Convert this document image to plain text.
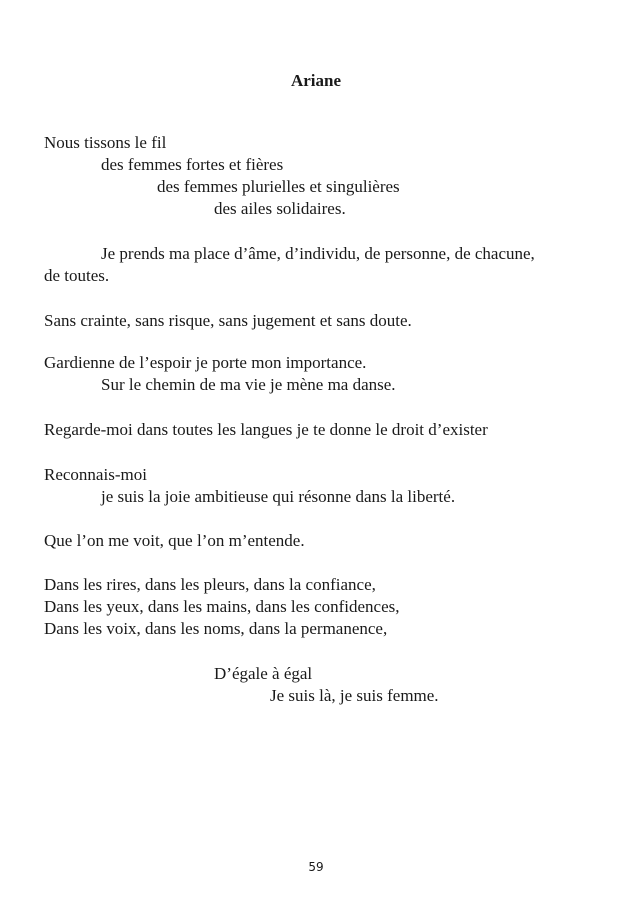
Ariane
Nous tissons le fil
des femmes fortes et fières
des femmes plurielles et singulières
des ailes solidaires.
Je prends ma place d’âme, d’individu, de personne, de chacune,
de toutes.
Sans crainte, sans risque, sans jugement et sans doute.
Gardienne de l’espoir je porte mon importance.
Sur le chemin de ma vie je mène ma danse.
Regarde-moi dans toutes les langues je te donne le droit d’exister
Reconnais-moi
je suis la joie ambitieuse qui résonne dans la liberté.
Que l’on me voit, que l’on m’entende.
Dans les rires, dans les pleurs, dans la confiance,
Dans les yeux, dans les mains, dans les confidences,
Dans les voix, dans les noms, dans la permanence,
D’égale à égal
Je suis là, je suis femme.
59
